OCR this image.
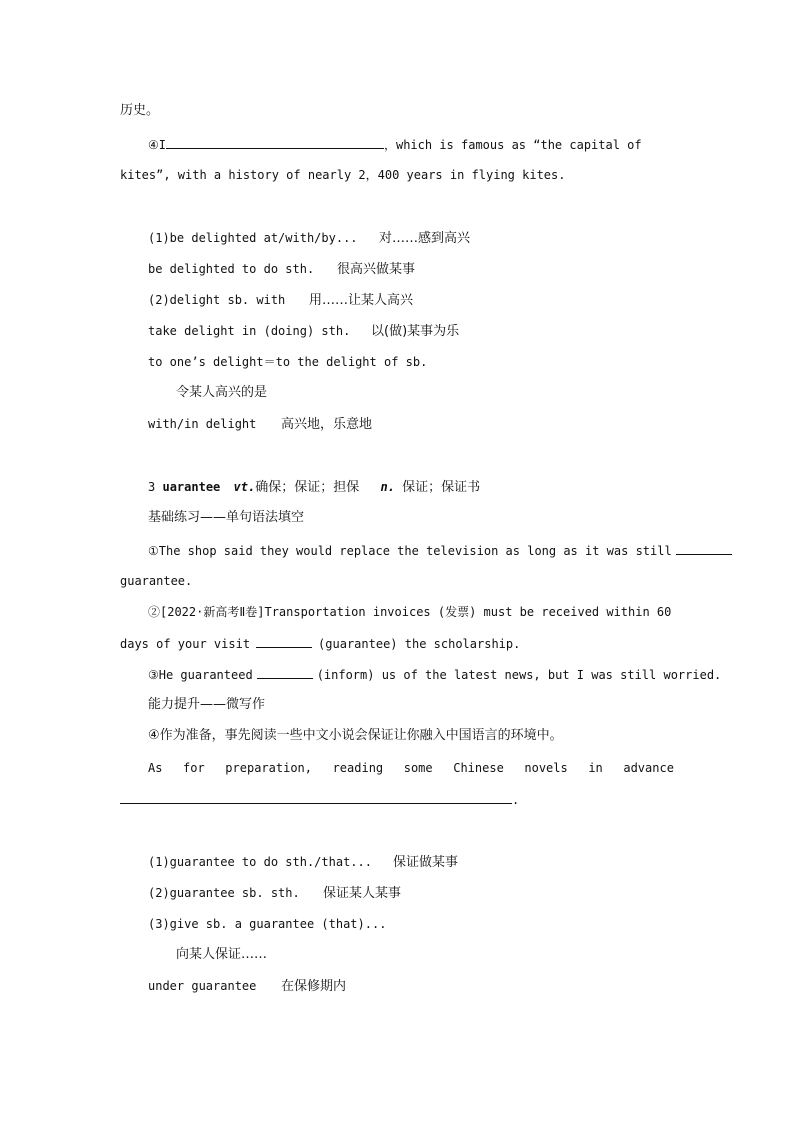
历史。
④I	，which is famous as “the capital of
kites”, with a history of nearly 2，400 years in flying kites.
(1)be delighted at/with/by... 对……感到高兴
be delighted to do sth. 很高兴做某事
(2)delight sb. with 用……让某人高兴
take delight in (doing) sth. 以(做)某事为乐
to one’s delight＝to the delight of sb.
令某人高兴的是
with/in delight 高兴地，乐意地
3 uarantee vt.确保；保证；担保 n. 保证；保证书
基础练习——单句语法填空
①The shop said they would replace the television as long as it was still
guarantee.
②[2022·新高考Ⅱ卷]Transportation invoices (发票) must be received within 60
days of your visit	(guarantee) the scholarship.
③He guaranteed	(inform) us of the latest news, but I was still worried.
能力提升——微写作
④作为准备，事先阅读一些中文小说会保证让你融入中国语言的环境中。
As for preparation, reading some Chinese novels in advance
.
(1)guarantee to do sth./that... 保证做某事
(2)guarantee sb. sth. 保证某人某事
(3)give sb. a guarantee (that)...
向某人保证……
under guarantee 在保修期内
